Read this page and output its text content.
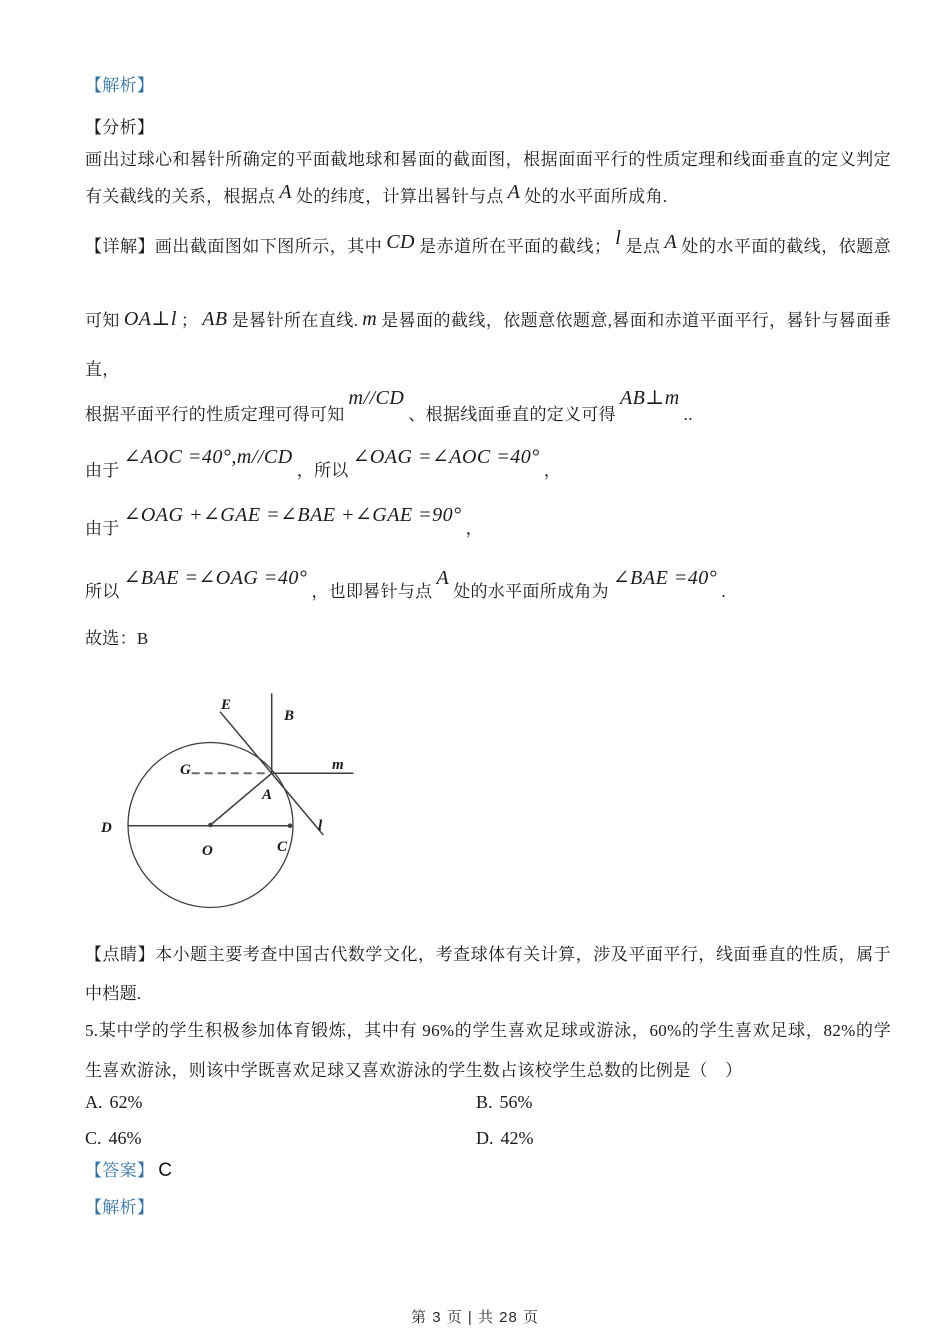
【解析】
【分析】
画出过球心和晷针所确定的平面截地球和晷面的截面图，根据面面平行的性质定理和线面垂直的定义判定
有关截线的关系，根据点 A 处的纬度，计算出晷针与点 A 处的水平面所成角.
【详解】画出截面图如下图所示，其中 CD 是赤道所在平面的截线； l 是点 A 处的水平面的截线，依题意
可知 OA⊥l ； AB 是晷针所在直线. m 是晷面的截线，依题意依题意,晷面和赤道平面平行，晷针与晷面垂
直，
根据平面平行的性质定理可得可知m//CD、根据线面垂直的定义可得AB⊥m..
由于∠AOC =40°,m//CD，所以∠OAG =∠AOC =40°，
由于∠OAG +∠GAE =∠BAE +∠GAE =90°，
所以∠BAE =∠OAG =40°，也即晷针与点A处的水平面所成角为∠BAE =40°.
故选：B
E
B
m
G
A
l
D
O	C
【点睛】本小题主要考查中国古代数学文化，考查球体有关计算，涉及平面平行，线面垂直的性质，属于
中档题.
5.某中学的学生积极参加体育锻炼，其中有 96%的学生喜欢足球或游泳，60%的学生喜欢足球，82%的学
生喜欢游泳，则该中学既喜欢足球又喜欢游泳的学生数占该校学生总数的比例是（　）
A. 62%	B. 56%
C. 46%	D. 42%
【答案】 C
【解析】
第 3 页 | 共 28 页
